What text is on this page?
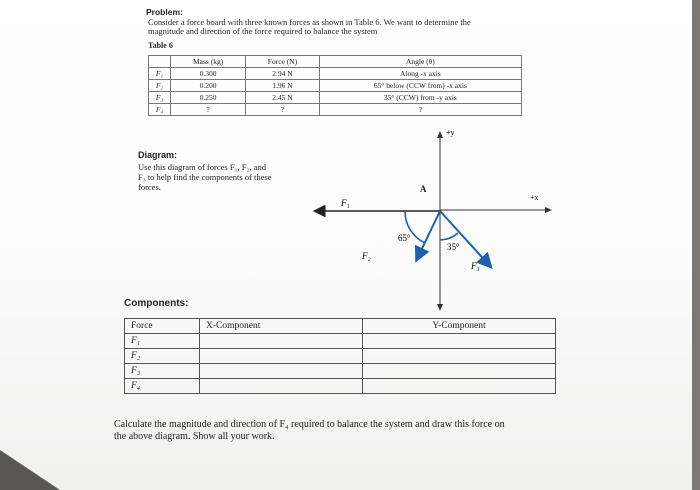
Problem:
Consider a force board with three known forces as shown in Table 6. We want to determine the
magnitude and direction of the force required to balance the system
Table 6
	Mass (kg)	Force (N)	Angle (θ)
F₁	0.300	2.94 N	Along -x axis
F₂	0.200	1.96 N	65° below (CCW from) -x axis
F₃	0.250	2.45 N	35° (CCW) from -y axis
F₄	?	?	?
Diagram:
Use this diagram of forces F₁, F₂, and
F₃ to help find the components of these
forces.	A
+y
+x
F₁
F₂
F₃
65°
35°
Components:
Force	X-Component	Y-Component
F₁		
F₂		
F₃		
F₄		
Calculate the magnitude and direction of F₄ required to balance the system and draw this force on
the above diagram. Show all your work.
